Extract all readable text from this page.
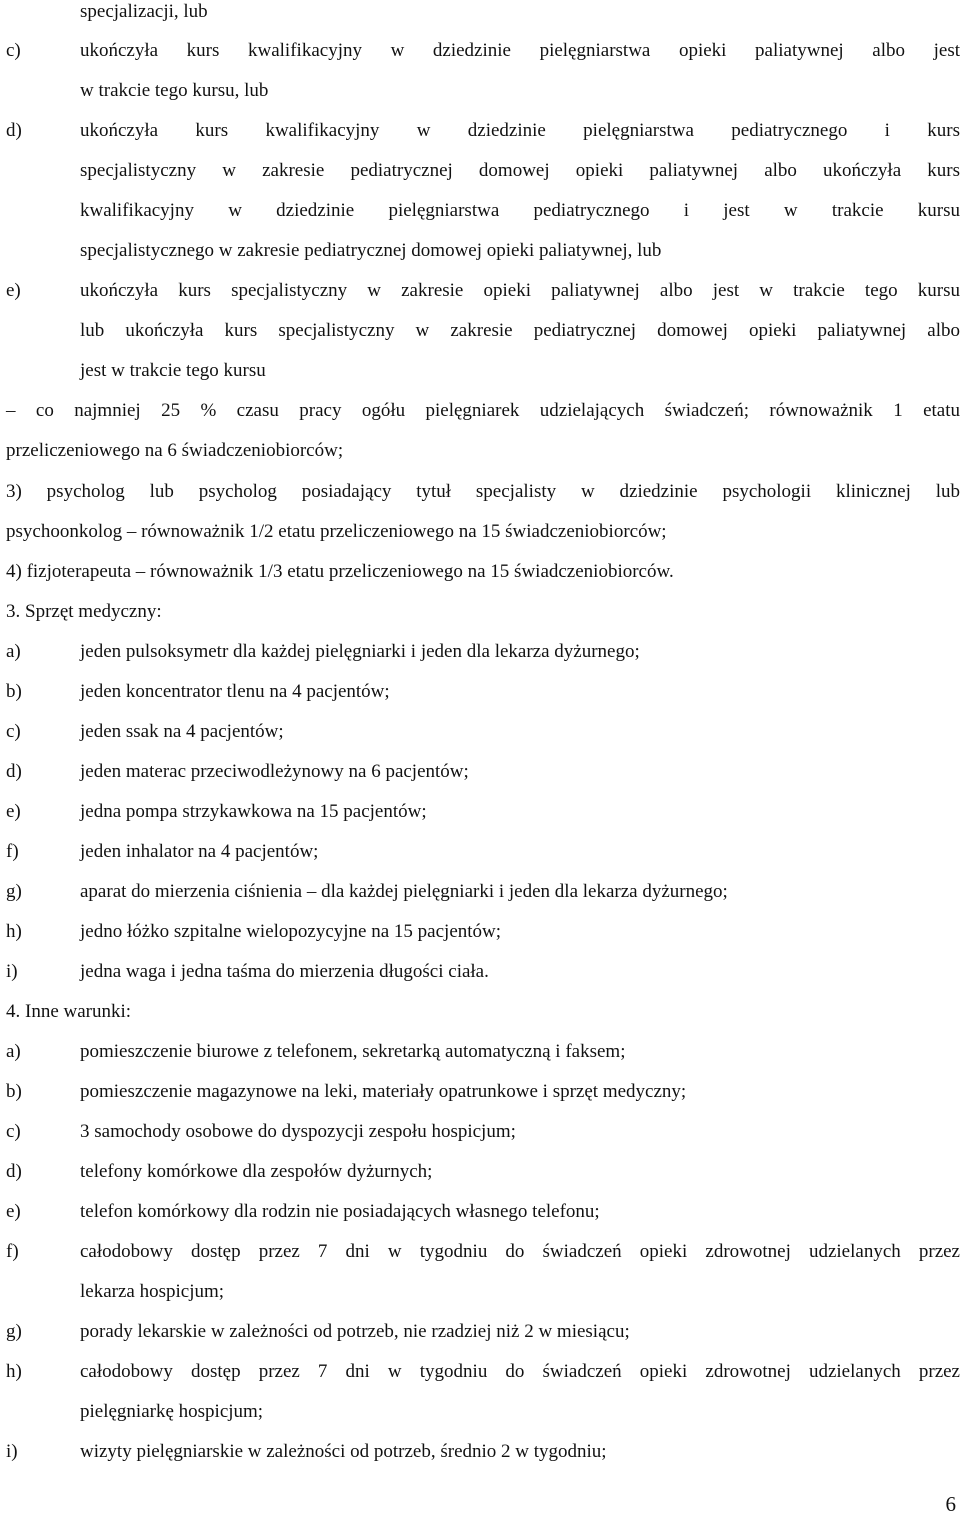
specjalizacji, lub
c)	ukończyła kurs kwalifikacyjny w dziedzinie pielęgniarstwa opieki paliatywnej albo jest
w trakcie tego kursu, lub
d)	ukończyła kurs kwalifikacyjny w dziedzinie pielęgniarstwa pediatrycznego i kurs
specjalistyczny w zakresie pediatrycznej domowej opieki paliatywnej albo ukończyła kurs
kwalifikacyjny w dziedzinie pielęgniarstwa pediatrycznego i jest w trakcie kursu
specjalistycznego w zakresie pediatrycznej domowej opieki paliatywnej, lub
e)	ukończyła kurs specjalistyczny w zakresie opieki paliatywnej albo jest w trakcie tego kursu
lub ukończyła kurs specjalistyczny w zakresie pediatrycznej domowej opieki paliatywnej albo
jest w trakcie tego kursu
– co najmniej 25 % czasu pracy ogółu pielęgniarek udzielających świadczeń; równoważnik 1 etatu
przeliczeniowego na 6 świadczeniobiorców;
3) psycholog lub psycholog posiadający tytuł specjalisty w dziedzinie psychologii klinicznej lub
psychoonkolog – równoważnik 1/2 etatu przeliczeniowego na 15 świadczeniobiorców;
4) fizjoterapeuta – równoważnik 1/3 etatu przeliczeniowego na 15 świadczeniobiorców.
3. Sprzęt medyczny:
a)	jeden pulsoksymetr dla każdej pielęgniarki i jeden dla lekarza dyżurnego;
b)	jeden koncentrator tlenu na 4 pacjentów;
c)	jeden ssak na 4 pacjentów;
d)	jeden materac przeciwodleżynowy na 6 pacjentów;
e)	jedna pompa strzykawkowa na 15 pacjentów;
f)	jeden inhalator na 4 pacjentów;
g)	aparat do mierzenia ciśnienia – dla każdej pielęgniarki i jeden dla lekarza dyżurnego;
h)	jedno łóżko szpitalne wielopozycyjne na 15 pacjentów;
i)	jedna waga i jedna taśma do mierzenia długości ciała.
4. Inne warunki:
a)	pomieszczenie biurowe z telefonem, sekretarką automatyczną i faksem;
b)	pomieszczenie magazynowe na leki, materiały opatrunkowe i sprzęt medyczny;
c)	3 samochody osobowe do dyspozycji zespołu hospicjum;
d)	telefony komórkowe dla zespołów dyżurnych;
e)	telefon komórkowy dla rodzin nie posiadających własnego telefonu;
f)	całodobowy dostęp przez 7 dni w tygodniu do świadczeń opieki zdrowotnej udzielanych przez
lekarza hospicjum;
g)	porady lekarskie w zależności od potrzeb, nie rzadziej niż 2 w miesiącu;
h)	całodobowy dostęp przez 7 dni w tygodniu do świadczeń opieki zdrowotnej udzielanych przez
pielęgniarkę hospicjum;
i)	wizyty pielęgniarskie w zależności od potrzeb, średnio 2 w tygodniu;
6
